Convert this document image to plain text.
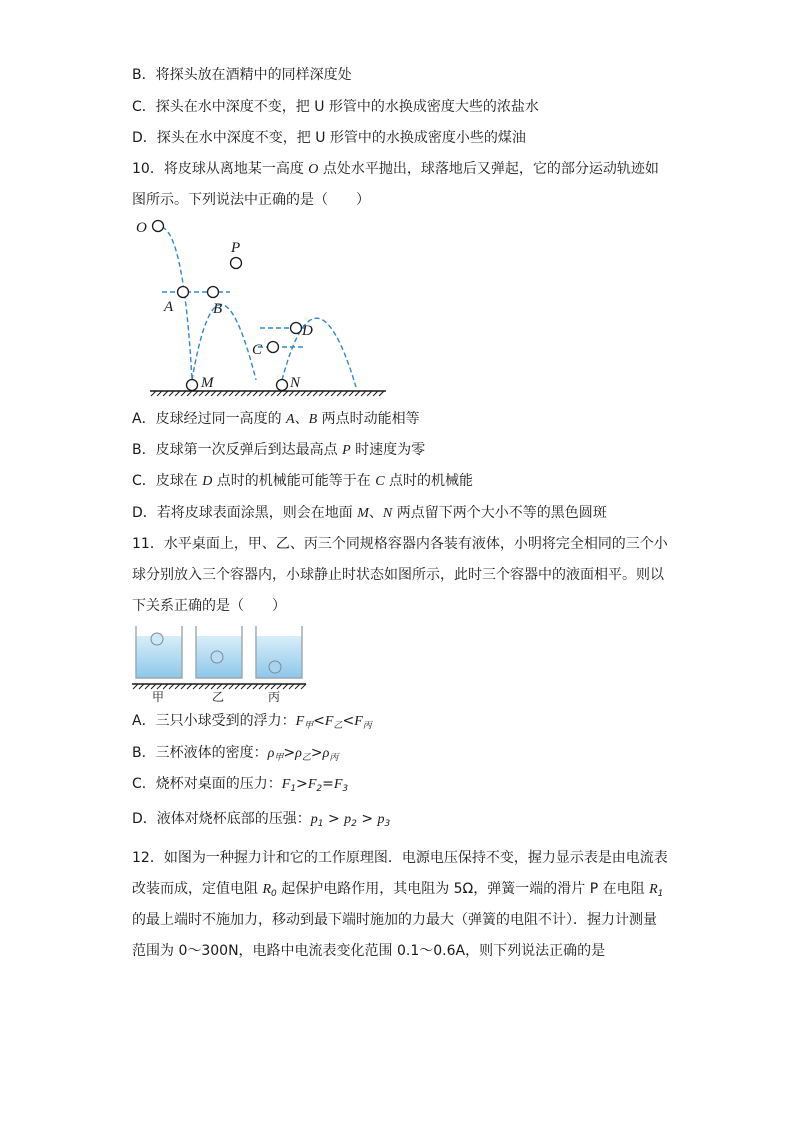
B．将探头放在酒精中的同样深度处
C．探头在水中深度不变，把 U 形管中的水换成密度大些的浓盐水
D．探头在水中深度不变，把 U 形管中的水换成密度小些的煤油
10．将皮球从离地某一高度 O 点处水平抛出，球落地后又弹起，它的部分运动轨迹如
图所示。下列说法中正确的是（　　）
O
A	B
P
D
C
M	N
A．皮球经过同一高度的 A、B 两点时动能相等
B．皮球第一次反弹后到达最高点 P 时速度为零
C．皮球在 D 点时的机械能可能等于在 C 点时的机械能
D．若将皮球表面涂黑，则会在地面 M、N 两点留下两个大小不等的黑色圆斑
11．水平桌面上，甲、乙、丙三个同规格容器内各装有液体，小明将完全相同的三个小
球分别放入三个容器内，小球静止时状态如图所示，此时三个容器中的液面相平。则以
下关系正确的是（　　）
甲	乙	丙
A．三只小球受到的浮力：$F_甲<F_乙<F_丙$
B．三杯液体的密度：$\rho_甲>\rho_乙>\rho_丙$
C．烧杯对桌面的压力：$F_1>F_2=F_3$
D．液体对烧杯底部的压强：$p_1 > p_2 > p_3$
12．如图为一种握力计和它的工作原理图．电源电压保持不变，握力显示表是由电流表
改装而成，定值电阻 $R_0$ 起保护电路作用，其电阻为 5Ω，弹簧一端的滑片 P 在电阻 $R_1$
的最上端时不施加力，移动到最下端时施加的力最大（弹簧的电阻不计）．握力计测量
范围为 0～300N，电路中电流表变化范围 0.1～0.6A，则下列说法正确的是
